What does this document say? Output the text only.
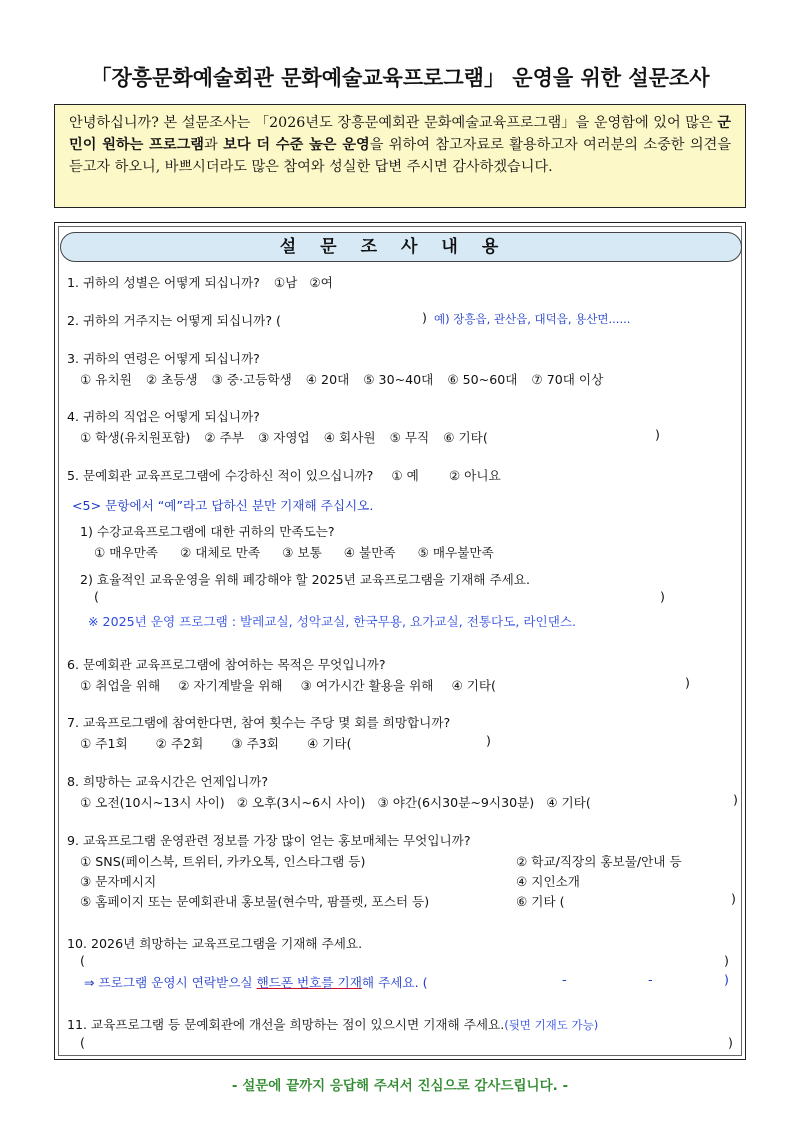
「장흥문화예술회관 문화예술교육프로그램」 운영을 위한 설문조사
안녕하십니까? 본 설문조사는 「2026년도 장흥문예회관 문화예술교육프로그램」을 운영함에 있어 많은 군민이 원하는 프로그램과 보다 더 수준 높은 운영을 위하여 참고자료로 활용하고자 여러분의 소중한 의견을 듣고자 하오니, 바쁘시더라도 많은 참여와 성실한 답변 주시면 감사하겠습니다.
설문조사내용
1. 귀하의 성별은 어떻게 되십니까? ①남 ②여
2. 귀하의 거주지는 어떻게 되십니까? (	) 예) 장흥읍, 관산읍, 대덕읍, 용산면......
3. 귀하의 연령은 어떻게 되십니까?
① 유치원 ② 초등생 ③ 중·고등학생 ④ 20대 ⑤ 30~40대 ⑥ 50~60대 ⑦ 70대 이상
4. 귀하의 직업은 어떻게 되십니까?
① 학생(유치원포함) ② 주부 ③ 자영업 ④ 회사원 ⑤ 무직 ⑥ 기타(	)
5. 문예회관 교육프로그램에 수강하신 적이 있으십니까? ① 예 ② 아니요
<5> 문항에서 “예”라고 답하신 분만 기재해 주십시오.
1) 수강교육프로그램에 대한 귀하의 만족도는?
① 매우만족 ② 대체로 만족 ③ 보통 ④ 불만족 ⑤ 매우불만족
2) 효율적인 교육운영을 위해 폐강해야 할 2025년 교육프로그램을 기재해 주세요.
(	)
※ 2025년 운영 프로그램 : 발레교실, 성악교실, 한국무용, 요가교실, 전통다도, 라인댄스.
6. 문예회관 교육프로그램에 참여하는 목적은 무엇입니까?
① 취업을 위해 ② 자기계발을 위해 ③ 여가시간 활용을 위해 ④ 기타(	)
7. 교육프로그램에 참여한다면, 참여 횟수는 주당 몇 회를 희망합니까?
① 주1회 ② 주2회 ③ 주3회 ④ 기타(	)
8. 희망하는 교육시간은 언제입니까?
① 오전(10시~13시 사이) ② 오후(3시~6시 사이) ③ 야간(6시30분~9시30분) ④ 기타(	)
9. 교육프로그램 운영관련 정보를 가장 많이 얻는 홍보매체는 무엇입니까?
① SNS(페이스북, 트위터, 카카오톡, 인스타그램 등)	② 학교/직장의 홍보물/안내 등
③ 문자메시지	④ 지인소개
⑤ 홈페이지 또는 문예회관내 홍보물(현수막, 팜플렛, 포스터 등)	⑥ 기타 (	)
10. 2026년 희망하는 교육프로그램을 기재해 주세요.
(	)
⇒ 프로그램 운영시 연락받으실 핸드폰 번호를 기재해 주세요. (	-	-	)
11. 교육프로그램 등 문예회관에 개선을 희망하는 점이 있으시면 기재해 주세요.(뒷면 기재도 가능)
(	)
- 설문에 끝까지 응답해 주셔서 진심으로 감사드립니다. -
